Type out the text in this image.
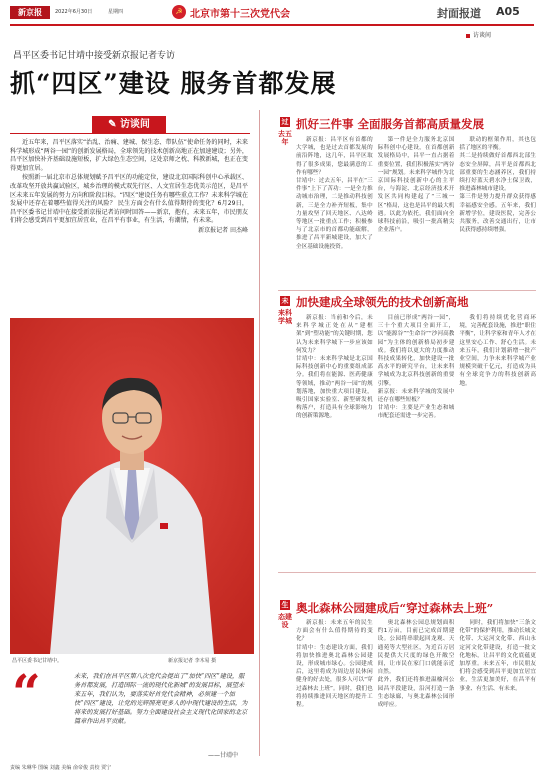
新京报	2022年6月30日	星期四	☭ 北京市第十三次党代会	封面报道 A05
访谈间
昌平区委书记甘靖中接受新京报记者专访
抓“四区”建设 服务首都发展
✎ 访谈间

近五年来，昌平区落实“治乱、治痛、建城、保生态、带队伍”使命任务的同时，未来科学城形成“两谷一园”的创新发展格局，全球领先的技术创新高地正在加速建设；另外，昌平区加快补齐基础设施短板，扩大绿色生态空间，这处京师之枕、科教新城，也正在变得更加宜居。

按照新一届北京市总体规划赋予昌平区的功能定位，建设北京国际科创中心承载区、改革攻坚开放共赢试验区，城乡治理的模式双先行区、人文宜居生态优美示范区，是昌平区未来五年发展的努力方向和阶段目标。“四区”建设任务有哪些重点工作？未来科学城在发展中还存在着哪些值得关注的风险？ 民生方面会有什么值得期待的变化？6月29日，昌平区委书记甘靖中在接受新京报记者访问时回答——新京，抱有，未来五年，市民朋友们将会感受到昌平更加宜居宜业，在昌平有事业，有生活，有潮情，有未来。

新京报记者 田杰峰
昌平区委书记甘靖中。	新京报记者 李木易 摄
“	未来，我们在昌平区第八次党代会提出了“加快“四区”建设，服务首都发展，打造国际一流的现代化新城”的发展目标，展望未来五年，我们认为，要落实好首党代会精神，必须建一个加快“四区”建设，让党的光辉照亮更多人的中现代建设的生活，为将来的发展打好基础。努力全面建设社会主义现代化国家的北京篇章作出昌平贡献。
——甘靖中
过
去五年
抓好三件事 全面服务首都高质量发展

新京报：昌平区有首都的大学城，也是过去首都发展的前沿阵地，这几年，昌平区取得了很多成果，您最满意的工作有哪些？
甘靖中：过去五年，昌平在“三件事”上下了苦功：一是全力推动城市治理，二是推动科技创新，三是全力补齐短板，集中力量攻坚了回天地区、八达岭等地区一批重点工作；积极参与了北京市的首都功能疏解，推进了昌平新城建设，加大了全区基础设施投资。

第一件是全力服务北京国际科创中心建设，在首都创新发展格局中，昌平一直占据着重要位置，我们积极落实“两谷一园”规划。未来科学城作为北京国际科技创新中心的主平台，与海淀、北京经济技术开发区共同构建起了“三城一区”格局，这也是昌平的最大机遇。以此为依托，我们面向全球科技前沿，吸引一批高精尖企业落户。

联动的框架作用，其也包括了地区的平衡。
其二是持续做好首都西北部生态安全屏障，昌平是首都西北部重要的生态涵养区，我们持续打好蓝天碧水净土保卫战，推进森林城市建设。
第三件是努力提升群众获得感幸福感安全感。五年来，我们新增学位，建设医院，完善公共服务，改善交通出行，让市民获得感持续增强。

未
来科学城
加快建成全球领先的技术创新高地

新京报：当前和今后，未来科学城正处在从“建框架”到“塑功能”的关键时期，您认为未来科学城下一步应该如何发力？
甘靖中：未来科学城是北京国际科技创新中心的重要组成部分。我们将在能源、医药健康等领域，推动“两谷一园”的规划落地，加快重大项目建设，吸引国家实验室、新型研发机构落户，打造具有全球影响力的创新策源地。

目前已形成“两谷一园”，三十个重大项目全面开工，以“能源谷”“生命谷”“沙河高教园”为主体的创新格局初步建成。我们将以更大的力度推动科技成果转化，加快建设一批高水平的研究平台，让未来科学城成为北京科技创新的重要引擎。
新京报：未来科学城的发展中还存在哪些短板？
甘靖中：主要是产业生态和城市配套还需进一步完善。

我们将持续优化营商环境，完善配套设施，推进“职住平衡”，让科学家和青年人才在这里安心工作、舒心生活。未来五年，我们计划新增一批产业空间，力争未来科学城产业规模突破千亿元，打造成为具有全球竞争力的科技创新高地。

生
态建设
奥北森林公园建成后“穿过森林去上班”

新京报：未来五年的民生方面会有什么值得期待的变化？
甘靖中：生态建设方面，我们将加快推进奥北森林公园建设，形成城市绿心。公园建成后，这里将成为周边居民休闲健身的好去处，很多人可以“穿过森林去上班”。同时，我们也将持续推进回天地区的提升工程。

奥北森林公园总规划面积约1万亩，目前已完成首期建设。公园将串联起回龙观、天通苑等大型社区，为近百万居民提供大尺度的绿色开敞空间，让市民在家门口就能亲近自然。
此外，我们还将推进温榆河公园昌平段建设，沿河打造一条生态绿廊，与奥北森林公园形成呼应。

同时，我们将加快“三条文化带”的保护利用，推动长城文化带、大运河文化带、西山永定河文化带建设，打造一批文化地标，让昌平的文化底蕴更加厚重。未来五年，市民朋友们将会感受到昌平更加宜居宜业，生活更加美好，在昌平有事业、有生活、有未来。

责编 朱琳华 图编 刘鑫 美编 俞帝俊 责校 贾宁
